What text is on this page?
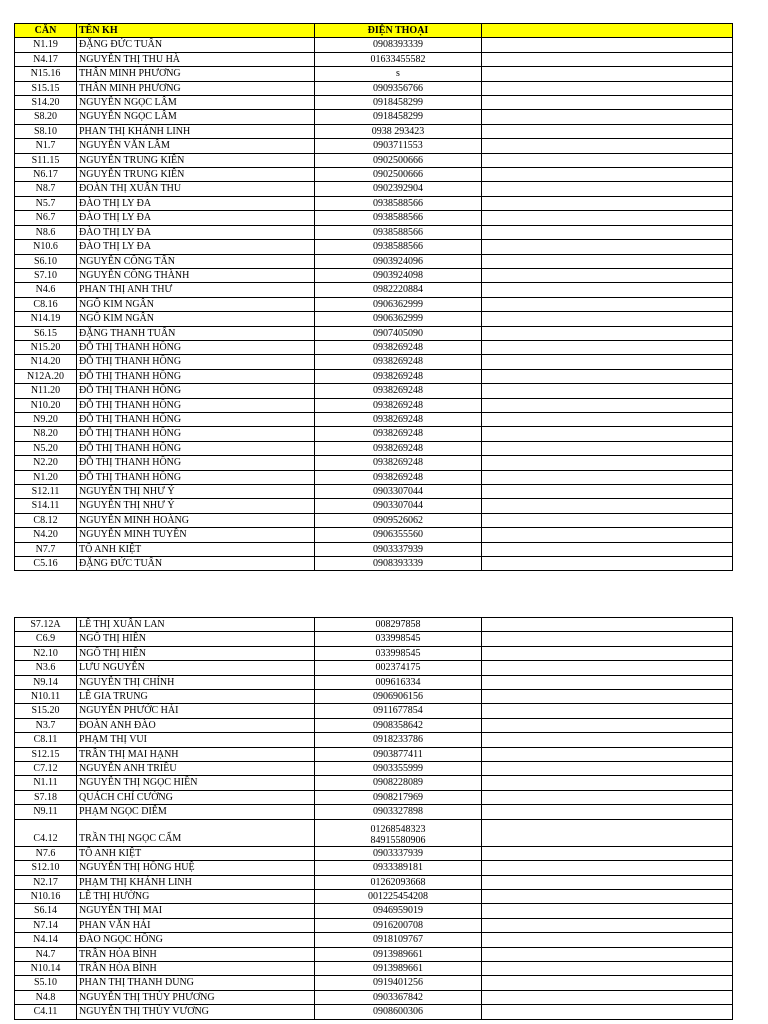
CĂN	TÊN KH	ĐIỆN THOẠI	
N1.19	ĐẶNG ĐỨC TUẤN	0908393339	
N4.17	NGUYỄN THỊ THU HÀ	01633455582	
N15.16	THÂN MINH PHƯƠNG	s	
S15.15	THÂN MINH PHƯƠNG	0909356766	
S14.20	NGUYỄN NGỌC LÂM	0918458299	
S8.20	NGUYỄN NGỌC LÂM	0918458299	
S8.10	PHAN THỊ KHÁNH LINH	0938 293423	
N1.7	NGUYỄN VĂN LÂM	0903711553	
S11.15	NGUYỄN TRUNG KIÊN	0902500666	
N6.17	NGUYỄN TRUNG KIÊN	0902500666	
N8.7	ĐOÀN THỊ XUÂN THU	0902392904	
N5.7	ĐÀO THỊ LY ĐA	0938588566	
N6.7	ĐÀO THỊ LY ĐA	0938588566	
N8.6	ĐÀO THỊ LY ĐA	0938588566	
N10.6	ĐÀO THỊ LY ĐA	0938588566	
S6.10	NGUYỄN CÔNG TẤN	0903924096	
S7.10	NGUYỄN CÔNG THÀNH	0903924098	
N4.6	PHAN THỊ ANH THƯ	0982220884	
C8.16	NGÔ KIM NGÂN	0906362999	
N14.19	NGÔ KIM NGÂN	0906362999	
S6.15	ĐẶNG THANH TUẤN	0907405090	
N15.20	ĐỖ THỊ THANH HỒNG	0938269248	
N14.20	ĐỖ THỊ THANH HỒNG	0938269248	
N12A.20	ĐỖ THỊ THANH HỒNG	0938269248	
N11.20	ĐỖ THỊ THANH HỒNG	0938269248	
N10.20	ĐỖ THỊ THANH HỒNG	0938269248	
N9.20	ĐỖ THỊ THANH HỒNG	0938269248	
N8.20	ĐỖ THỊ THANH HỒNG	0938269248	
N5.20	ĐỖ THỊ THANH HỒNG	0938269248	
N2.20	ĐỖ THỊ THANH HỒNG	0938269248	
N1.20	ĐỖ THỊ THANH HỒNG	0938269248	
S12.11	NGUYỄN THỊ NHƯ Ý	0903307044	
S14.11	NGUYỄN THỊ NHƯ Ý	0903307044	
C8.12	NGUYỄN MINH HOÀNG	0909526062	
N4.20	NGUYỄN MINH TUYỀN	0906355560	
N7.7	TÔ ANH KIỆT	0903337939	
C5.16	ĐẶNG ĐỨC TUẤN	0908393339	
S7.12A	LÊ THỊ XUÂN LAN	008297858	
C6.9	NGÔ THỊ HIỀN	033998545	
N2.10	NGÔ THỊ HIỀN	033998545	
N3.6	LƯU NGUYỄN	002374175	
N9.14	NGUYỄN THỊ CHÍNH	009616334	
N10.11	LÊ GIA TRUNG	0906906156	
S15.20	NGUYỄN PHƯỚC HẢI	0911677854	
N3.7	ĐOÀN ANH ĐÀO	0908358642	
C8.11	PHẠM THỊ VUI	0918233786	
S12.15	TRẦN THỊ MAI HẠNH	0903877411	
C7.12	NGUYỄN ANH TRIỀU	0903355999	
N1.11	NGUYỄN THỊ NGỌC HIỀN	0908228089	
S7.18	QUÁCH CHÍ CƯỜNG	0908217969	
N9.11	PHẠM NGỌC DIỄM	0903327898	
C4.12	TRẦN THỊ NGỌC CẨM	01268548323
84915580906	

N7.6	TÔ ANH KIỆT	0903337939	
S12.10	NGUYỄN THỊ HỒNG HUỆ	0933389181	
N2.17	PHẠM THỊ KHÁNH LINH	01262093668	
N10.16	LÊ THỊ HƯỜNG	001225454208	
S6.14	NGUYỄN THỊ MAI	0946959019	
N7.14	PHAN VĂN HẢI	0916200708	
N4.14	ĐÀO NGỌC HỒNG	0918109767	
N4.7	TRẦN HÒA BÌNH	0913989661	
N10.14	TRẦN HÒA BÌNH	0913989661	
S5.10	PHAN THỊ THANH DUNG	0919401256	
N4.8	NGUYỄN THỊ THÙY PHƯƠNG	0903367842	
C4.11	NGUYỄN THỊ THÙY VƯƠNG	0908600306	
